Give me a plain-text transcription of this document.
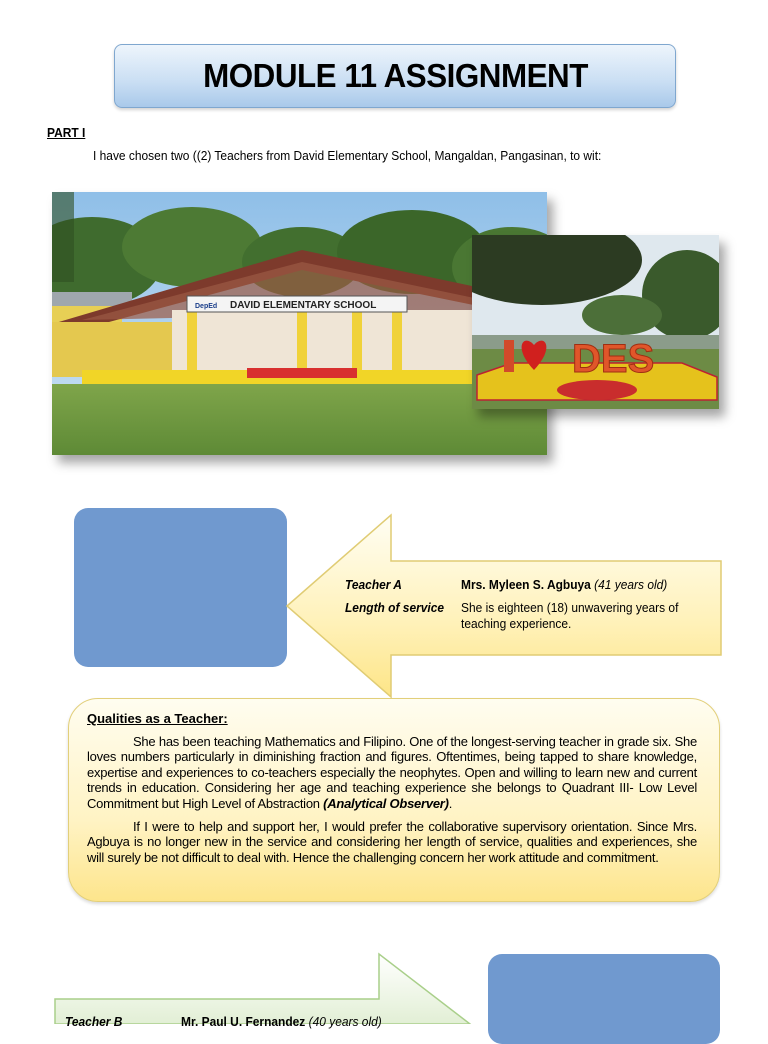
MODULE 11 ASSIGNMENT
PART I
I have chosen two ((2) Teachers from David Elementary School, Mangaldan, Pangasinan, to wit:
DepEd DAVID ELEMENTARY SCHOOL
DES
Teacher A	Mrs. Myleen S. Agbuya (41 years old)
Length of service She is eighteen (18) unwavering years of
teaching experience.
Qualities as a Teacher:

She has been teaching Mathematics and Filipino. One of the longest-serving teacher in grade six. She loves numbers particularly in diminishing fraction and figures. Oftentimes, being tapped to share knowledge, expertise and experiences to co-teachers especially the neophytes. Open and willing to learn new and current trends in education. Considering her age and teaching experience she belongs to Quadrant III- Low Level Commitment but High Level of Abstraction (Analytical Observer).

If I were to help and support her, I would prefer the collaborative supervisory orientation. Since Mrs. Agbuya is no longer new in the service and considering her length of service, qualities and experiences, she will surely be not difficult to deal with. Hence the challenging concern her work attitude and commitment.

Teacher B	Mr. Paul U. Fernandez (40 years old)
